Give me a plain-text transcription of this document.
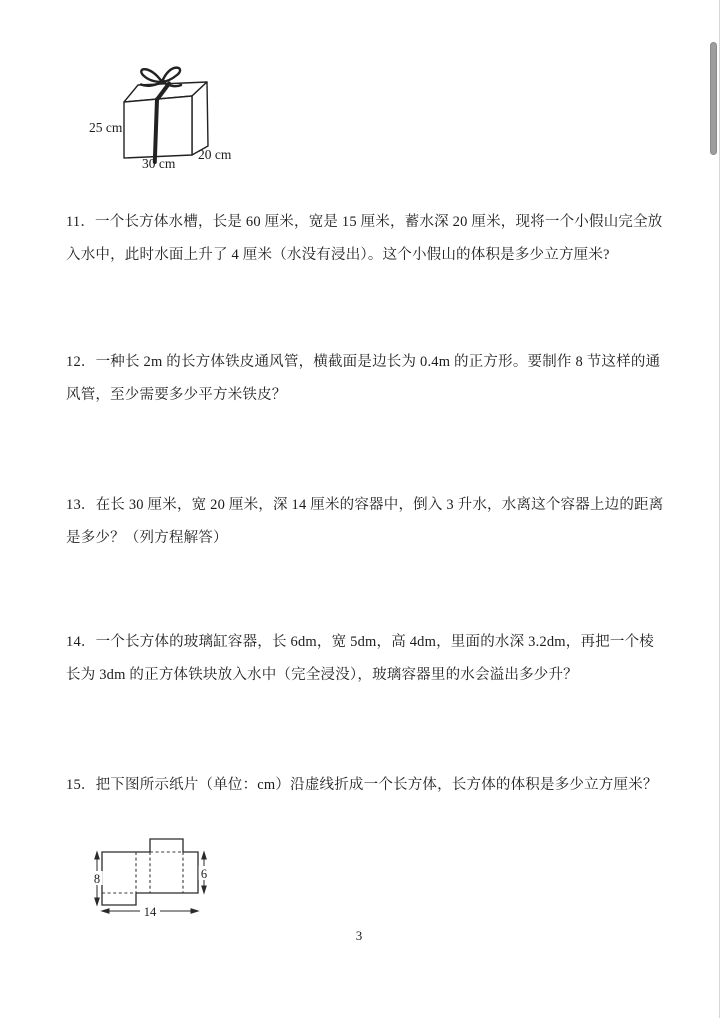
25 cm
30 cm
20 cm
11．一个长方体水槽，长是 60 厘米，宽是 15 厘米，蓄水深 20 厘米，现将一个小假山完全放
入水中，此时水面上升了 4 厘米（水没有浸出）。这个小假山的体积是多少立方厘米?
12．一种长 2m 的长方体铁皮通风管，横截面是边长为 0.4m 的正方形。要制作 8 节这样的通
风管，至少需要多少平方米铁皮？
13．在长 30 厘米，宽 20 厘米，深 14 厘米的容器中，倒入 3 升水，水离这个容器上边的距离
是多少？（列方程解答）
14．一个长方体的玻璃缸容器，长 6dm，宽 5dm，高 4dm，里面的水深 3.2dm，再把一个棱
长为 3dm 的正方体铁块放入水中（完全浸没），玻璃容器里的水会溢出多少升？
15．把下图所示纸片（单位：cm）沿虚线折成一个长方体，长方体的体积是多少立方厘米？
8	6
14
3
